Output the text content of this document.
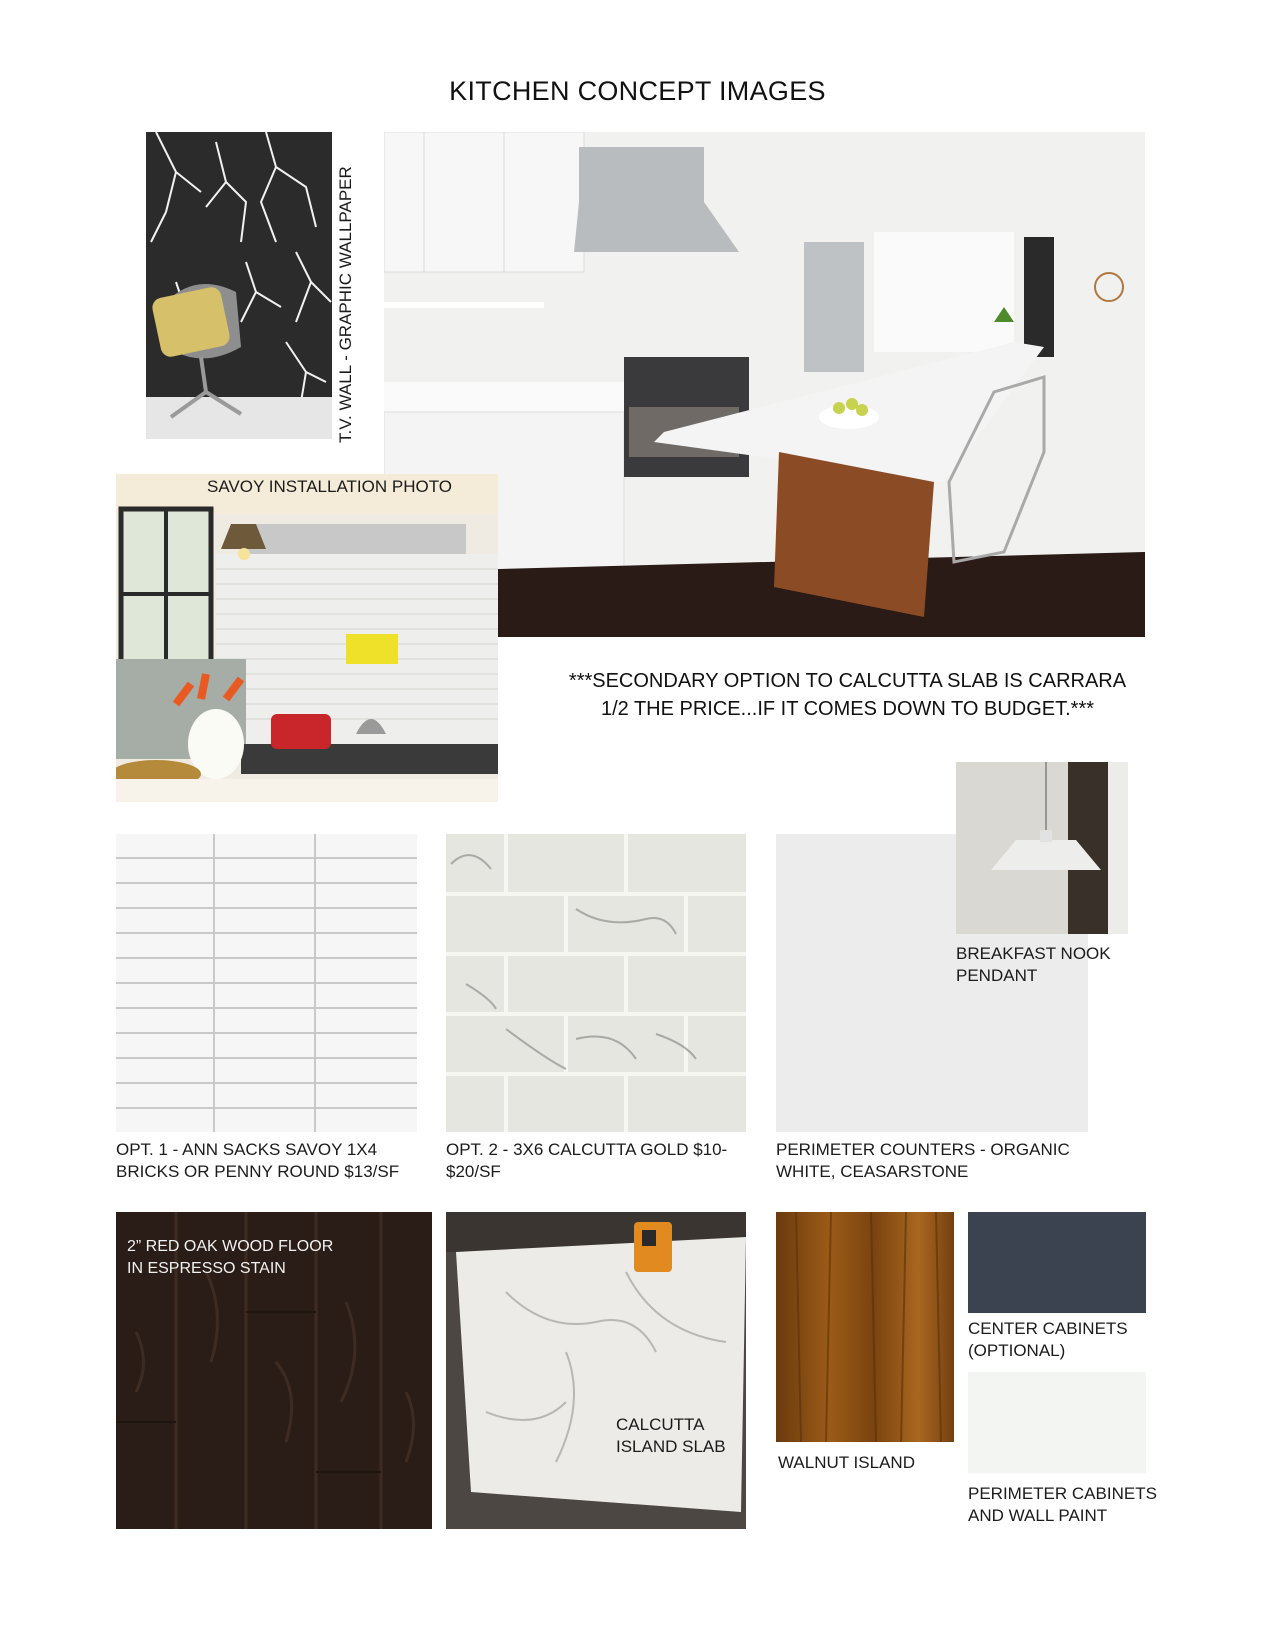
KITCHEN CONCEPT IMAGES
T.V. WALL - GRAPHIC WALLPAPER
SAVOY INSTALLATION PHOTO
***SECONDARY OPTION TO CALCUTTA SLAB IS CARRARA
1/2 THE PRICE...IF IT COMES DOWN TO BUDGET.***
OPT. 1 - ANN SACKS SAVOY 1X4
BRICKS OR PENNY ROUND $13/SF
OPT. 2 - 3X6 CALCUTTA GOLD $10-
$20/SF
BREAKFAST NOOK
PENDANT
PERIMETER COUNTERS - ORGANIC
WHITE, CEASARSTONE
2” RED OAK WOOD FLOOR
IN ESPRESSO STAIN
CALCUTTA
ISLAND SLAB
WALNUT ISLAND
CENTER CABINETS
(OPTIONAL)
PERIMETER CABINETS
AND WALL PAINT
